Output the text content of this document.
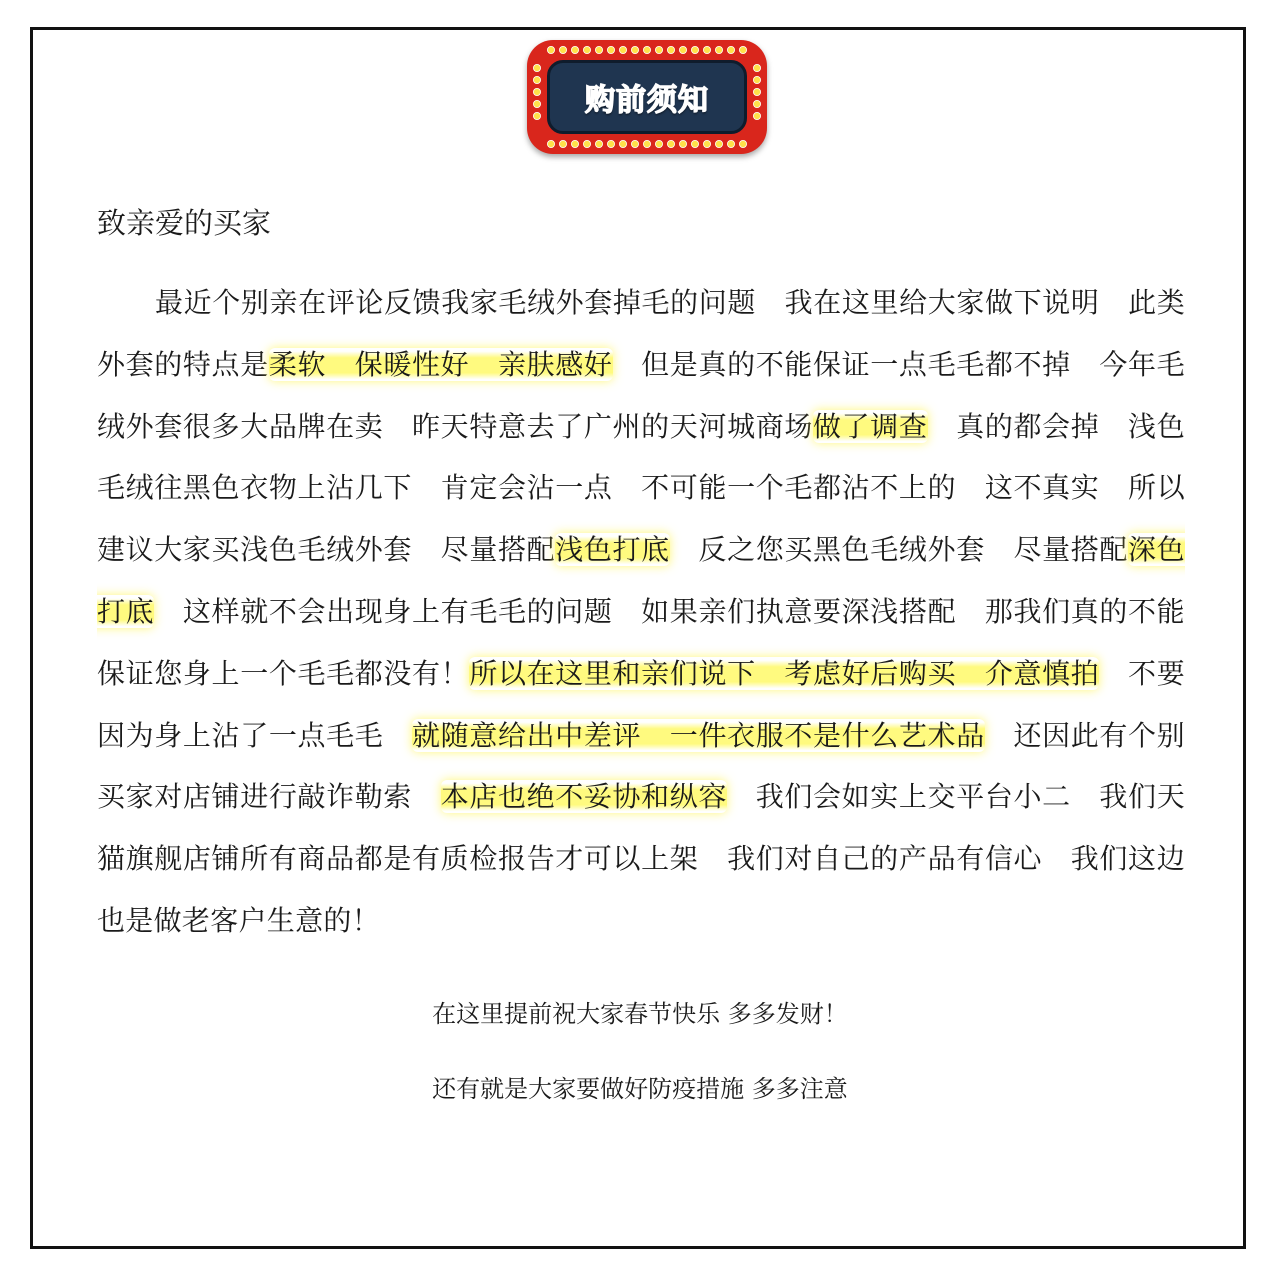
购前须知

致亲爱的买家

最近个别亲在评论反馈我家毛绒外套掉毛的问题　我在这里给大家做下说明　此类外套的特点是柔软　保暖性好　亲肤感好　但是真的不能保证一点毛毛都不掉　今年毛绒外套很多大品牌在卖　昨天特意去了广州的天河城商场做了调查　真的都会掉　浅色毛绒往黑色衣物上沾几下　肯定会沾一点　不可能一个毛都沾不上的　这不真实　所以建议大家买浅色毛绒外套　尽量搭配浅色打底　反之您买黑色毛绒外套　尽量搭配深色打底　这样就不会出现身上有毛毛的问题　如果亲们执意要深浅搭配　那我们真的不能保证您身上一个毛毛都没有！所以在这里和亲们说下　考虑好后购买　介意慎拍　不要因为身上沾了一点毛毛　就随意给出中差评　一件衣服不是什么艺术品　还因此有个别买家对店铺进行敲诈勒索　本店也绝不妥协和纵容　我们会如实上交平台小二　我们天猫旗舰店铺所有商品都是有质检报告才可以上架　我们对自己的产品有信心　我们这边也是做老客户生意的！

在这里提前祝大家春节快乐 多多发财！

还有就是大家要做好防疫措施 多多注意
